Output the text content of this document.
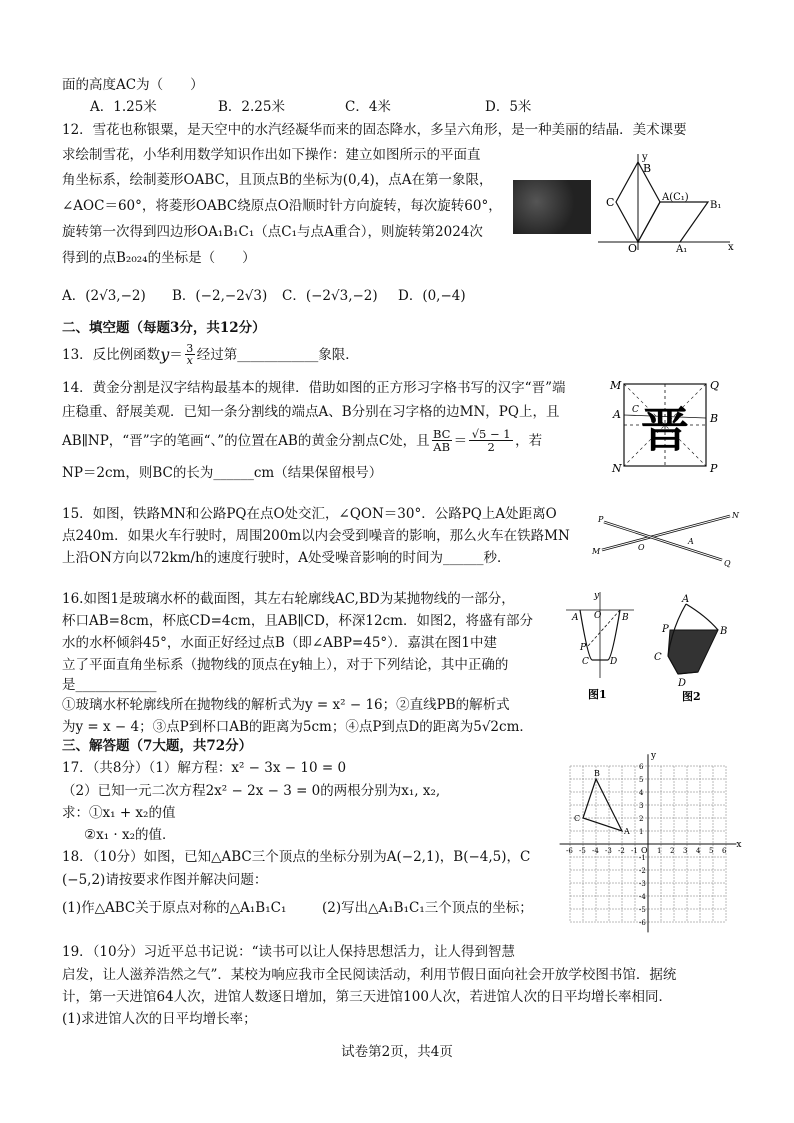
面的高度AC为（　　）
A．1.25米	B．2.25米	C．4米	D．5米
12．雪花也称银粟，是天空中的水汽经凝华而来的固态降水，多呈六角形，是一种美丽的结晶．美术课要
求绘制雪花，小华利用数学知识作出如下操作：建立如图所示的平面直
角坐标系，绘制菱形OABC，且顶点B的坐标为(0,4)，点A在第一象限，
∠AOC＝60°，将菱形OABC绕原点O沿顺时针方向旋转，每次旋转60°，
旋转第一次得到四边形OA₁B₁C₁（点C₁与点A重合），则旋转第2024次
得到的点B₂₀₂₄的坐标是（　　）
y
B
A(C₁)
B₁
C
O	A₁	x
A．(2√3,−2) B．(−2,−2√3) C．(−2√3,−2) D．(0,−4)
二、填空题（每题3分，共12分）
13．反比例函数 y ＝ 3
x 经过第____________象限．
14．黄金分割是汉字结构最基本的规律．借助如图的正方形习字格书写的汉字“晋”端
庄稳重、舒展美观．已知一条分割线的端点A、B分别在习字格的边MN，PQ上，且
AB∥NP，“晋”字的笔画“、”的位置在AB的黄金分割点C处，且 BC
AB ＝ √5 − 1
2 ，若
NP＝2cm，则BC的长为______cm（结果保留根号）
晋
M	Q
A C
B
N	P
15．如图，铁路MN和公路PQ在点O处交汇，∠QON＝30°．公路PQ上A处距离O
点240m．如果火车行驶时，周围200m以内会受到噪音的影响，那么火车在铁路MN
上沿ON方向以72km/h的速度行驶时，A处受噪音影响的时间为______秒．
P	N
M	O
A
Q
16.如图1是玻璃水杯的截面图，其左右轮廓线AC,BD为某抛物线的一部分，
杯口AB=8cm，杯底CD=4cm，且AB∥CD，杯深12cm．如图2，将盛有部分
水的水杯倾斜45°，水面正好经过点B（即∠ABP=45°）．嘉淇在图1中建
立了平面直角坐标系（抛物线的顶点在y轴上），对于下列结论，其中正确的
是____________
①玻璃水杯轮廓线所在抛物线的解析式为y = x² − 16；②直线PB的解析式
为y = x − 4；③点P到杯口AB的距离为5cm；④点P到点D的距离为5√2cm．
y
O
A	B
P
C D
图1
A
P	B
C
D
图2
三、解答题（7大题，共72分）
17．（共8分）（1）解方程：x² − 3x − 10 = 0
（2）已知一元二次方程2x² − 2x − 3 = 0的两根分别为x₁, x₂,
求：①x₁ + x₂的值
②x₁ · x₂的值．
18．（10分）如图，已知△ABC三个顶点的坐标分别为A(−2,1)，B(−4,5)，C
(−5,2)请按要求作图并解决问题：
(1)作△ABC关于原点对称的△A₁B₁C₁	(2)写出△A₁B₁C₁三个顶点的坐标；
x
y
O
-6 -5 -4 -3 -2 -1	1 2 3 4 5 6
6
5
4
3
2
1
-1
-2
-3
-4
-5
-6
A
B
C
19．（10分）习近平总书记说：“读书可以让人保持思想活力，让人得到智慧
启发，让人滋养浩然之气”．某校为响应我市全民阅读活动，利用节假日面向社会开放学校图书馆．据统
计，第一天进馆64人次，进馆人数逐日增加，第三天进馆100人次，若进馆人次的日平均增长率相同．
(1)求进馆人次的日平均增长率；
试卷第2页，共4页
